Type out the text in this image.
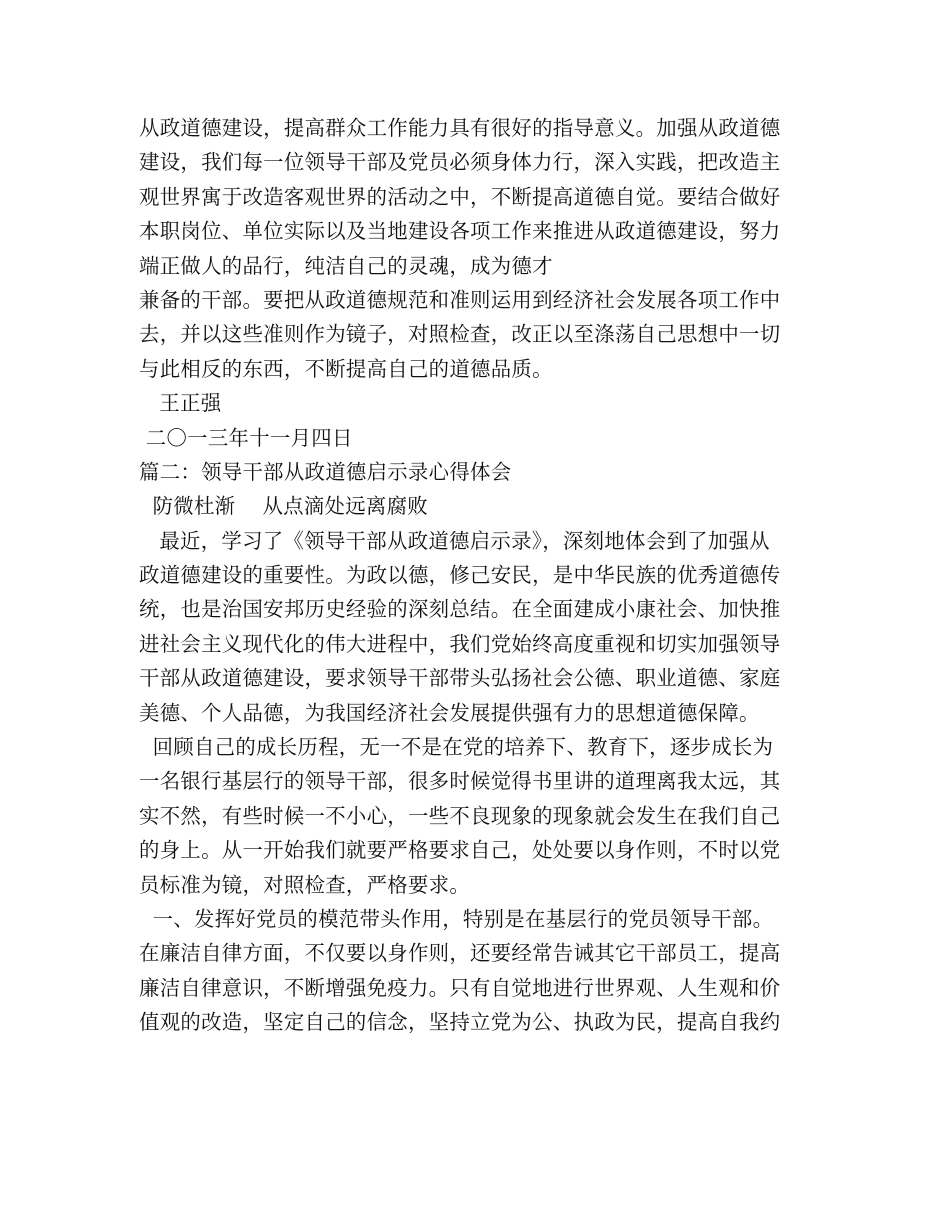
从政道德建设，提高群众工作能力具有很好的指导意义。加强从政道德
建设，我们每一位领导干部及党员必须身体力行，深入实践，把改造主
观世界寓于改造客观世界的活动之中，不断提高道德自觉。要结合做好
本职岗位、单位实际以及当地建设各项工作来推进从政道德建设，努力
端正做人的品行，纯洁自己的灵魂，成为德才
兼备的干部。要把从政道德规范和准则运用到经济社会发展各项工作中
去，并以这些准则作为镜子，对照检查，改正以至涤荡自己思想中一切
与此相反的东西，不断提高自己的道德品质。
王正强
二〇一三年十一月四日
篇二：领导干部从政道德启示录心得体会
防微杜渐    从点滴处远离腐败
最近，学习了《领导干部从政道德启示录》，深刻地体会到了加强从
政道德建设的重要性。为政以德，修己安民，是中华民族的优秀道德传
统，也是治国安邦历史经验的深刻总结。在全面建成小康社会、加快推
进社会主义现代化的伟大进程中，我们党始终高度重视和切实加强领导
干部从政道德建设，要求领导干部带头弘扬社会公德、职业道德、家庭
美德、个人品德，为我国经济社会发展提供强有力的思想道德保障。
回顾自己的成长历程，无一不是在党的培养下、教育下，逐步成长为
一名银行基层行的领导干部，很多时候觉得书里讲的道理离我太远，其
实不然，有些时候一不小心，一些不良现象的现象就会发生在我们自己
的身上。从一开始我们就要严格要求自己，处处要以身作则，不时以党
员标准为镜，对照检查，严格要求。
一、发挥好党员的模范带头作用，特别是在基层行的党员领导干部。
在廉洁自律方面，不仅要以身作则，还要经常告诫其它干部员工，提高
廉洁自律意识，不断增强免疫力。只有自觉地进行世界观、人生观和价
值观的改造，坚定自己的信念，坚持立党为公、执政为民，提高自我约
